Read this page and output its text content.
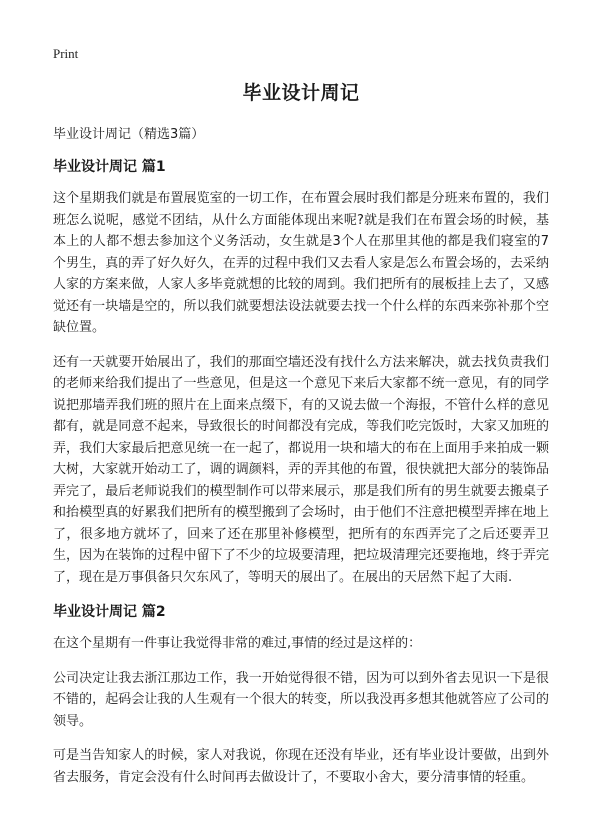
Print
毕业设计周记
毕业设计周记（精选3篇）
毕业设计周记 篇1

这个星期我们就是布置展览室的一切工作，在布置会展时我们都是分班来布置的，我们班怎么说呢，感觉不团结，从什么方面能体现出来呢?就是我们在布置会场的时候，基本上的人都不想去参加这个义务活动，女生就是3个人在那里其他的都是我们寝室的7个男生，真的弄了好久好久，在弄的过程中我们又去看人家是怎么布置会场的，去采纳人家的方案来做，人家人多毕竟就想的比较的周到。我们把所有的展板挂上去了，又感觉还有一块墙是空的，所以我们就要想法设法就要去找一个什么样的东西来弥补那个空缺位置。

还有一天就要开始展出了，我们的那面空墙还没有找什么方法来解决，就去找负责我们的老师来给我们提出了一些意见，但是这一个意见下来后大家都不统一意见，有的同学说把那墙弄我们班的照片在上面来点缀下，有的又说去做一个海报，不管什么样的意见都有，就是同意不起来，导致很长的时间都没有完成，等我们吃完饭时，大家又加班的弄，我们大家最后把意见统一在一起了，都说用一块和墙大的布在上面用手来拍成一颗大树，大家就开始动工了，调的调颜料，弄的弄其他的布置，很快就把大部分的装饰品弄完了，最后老师说我们的模型制作可以带来展示，那是我们所有的男生就要去搬桌子和抬模型真的好累我们把所有的模型搬到了会场时，由于他们不注意把模型弄摔在地上了，很多地方就坏了，回来了还在那里补修模型，把所有的东西弄完了之后还要弄卫生，因为在装饰的过程中留下了不少的垃圾要清理，把垃圾清理完还要拖地，终于弄完了，现在是万事俱备只欠东风了，等明天的展出了。在展出的天居然下起了大雨.

毕业设计周记 篇2

在这个星期有一件事让我觉得非常的难过,事情的经过是这样的：

公司决定让我去浙江那边工作，我一开始觉得很不错，因为可以到外省去见识一下是很不错的，起码会让我的人生观有一个很大的转变，所以我没再多想其他就答应了公司的领导。

可是当告知家人的时候，家人对我说，你现在还没有毕业，还有毕业设计要做，出到外省去服务，肯定会没有什么时间再去做设计了，不要取小舍大，要分清事情的轻重。
